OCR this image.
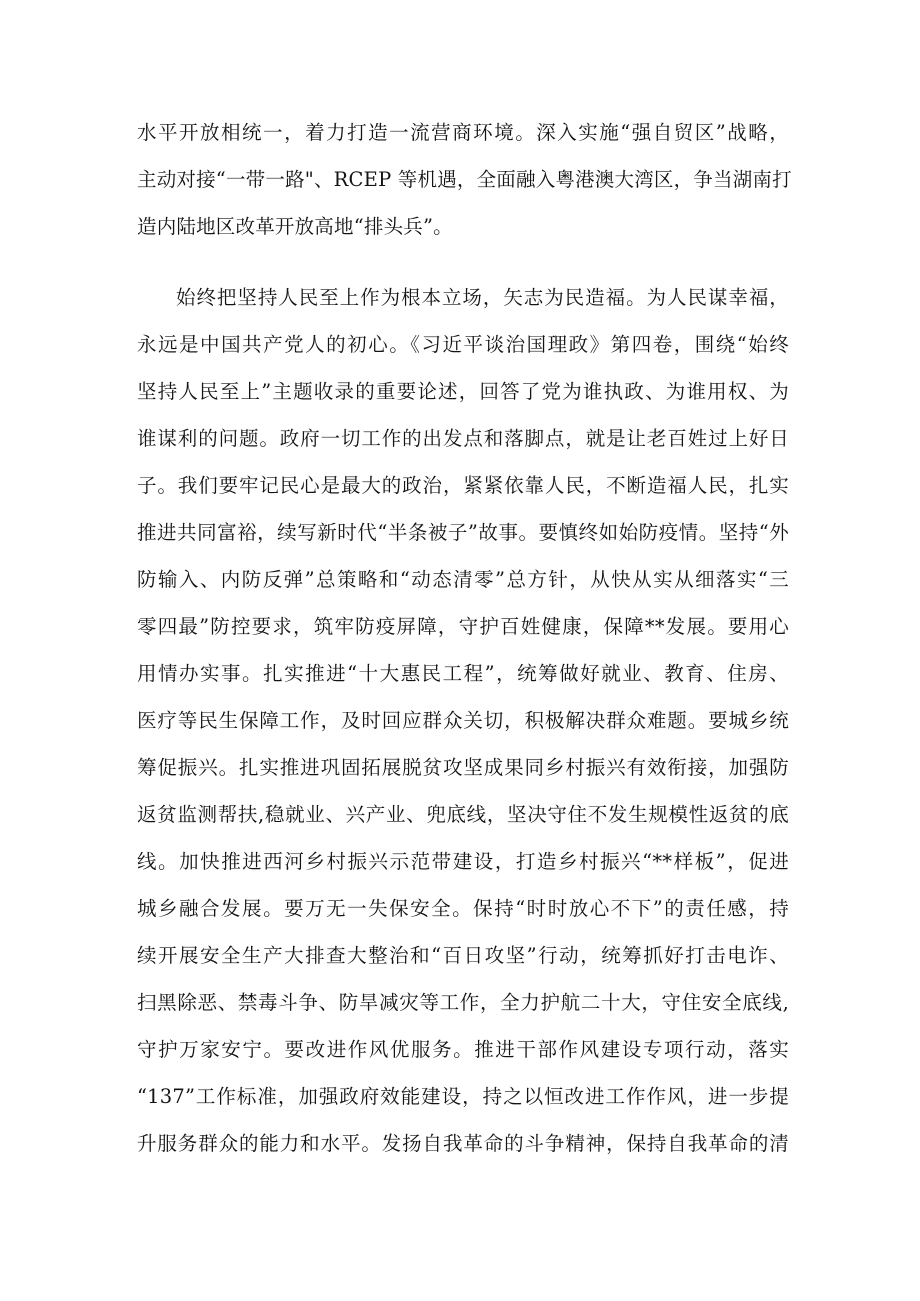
水平开放相统一，着力打造一流营商环境。深入实施“强自贸区”战略，
主动对接“一带一路"、RCEP 等机遇，全面融入粤港澳大湾区，争当湖南打
造内陆地区改革开放高地“排头兵”。
始终把坚持人民至上作为根本立场，矢志为民造福。为人民谋幸福，
永远是中国共产党人的初心。《习近平谈治国理政》第四卷，围绕“始终
坚持人民至上”主题收录的重要论述，回答了党为谁执政、为谁用权、为
谁谋利的问题。政府一切工作的出发点和落脚点，就是让老百姓过上好日
子。我们要牢记民心是最大的政治，紧紧依靠人民，不断造福人民，扎实
推进共同富裕，续写新时代“半条被子”故事。要慎终如始防疫情。坚持“外
防输入、内防反弹”总策略和“动态清零”总方针，从快从实从细落实“三
零四最”防控要求，筑牢防疫屏障，守护百姓健康，保障**发展。要用心
用情办实事。扎实推进“十大惠民工程”，统筹做好就业、教育、住房、
医疗等民生保障工作，及时回应群众关切，积极解决群众难题。要城乡统
筹促振兴。扎实推进巩固拓展脱贫攻坚成果同乡村振兴有效衔接，加强防
返贫监测帮扶,稳就业、兴产业、兜底线，坚决守住不发生规模性返贫的底
线。加快推进西河乡村振兴示范带建设，打造乡村振兴“**样板”，促进
城乡融合发展。要万无一失保安全。保持“时时放心不下”的责任感，持
续开展安全生产大排查大整治和“百日攻坚”行动，统筹抓好打击电诈、
扫黑除恶、禁毒斗争、防旱减灾等工作，全力护航二十大，守住安全底线,
守护万家安宁。要改进作风优服务。推进干部作风建设专项行动，落实
“137”工作标准，加强政府效能建设，持之以恒改进工作作风，进一步提
升服务群众的能力和水平。发扬自我革命的斗争精神，保持自我革命的清
